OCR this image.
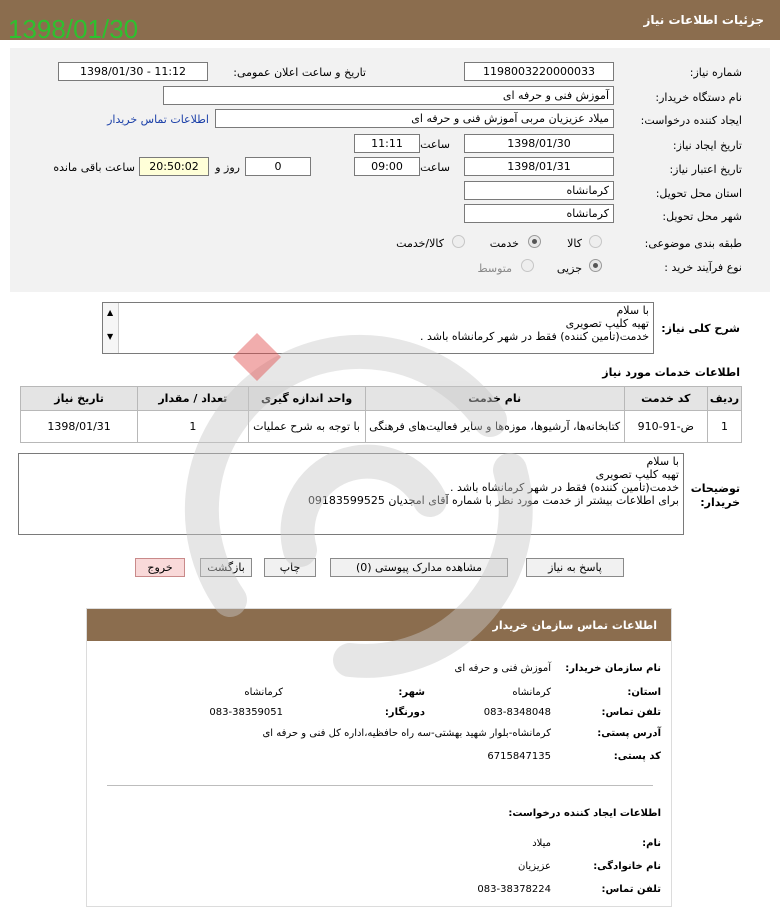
جزئیات اطلاعات نیاز
1398/01/30
شماره نیاز:
1198003220000033
تاریخ و ساعت اعلان عمومی:
1398/01/30 - 11:12
نام دستگاه خریدار:
آموزش فنی و حرفه ای
ایجاد کننده درخواست:
میلاد عزیزیان مربی آموزش فنی و حرفه ای
اطلاعات تماس خریدار
تاریخ ایجاد نیاز:
1398/01/30
ساعت
11:11
تاریخ اعتبار نیاز:
1398/01/31
ساعت
09:00
0
روز و
20:50:02
ساعت باقی مانده
استان محل تحویل:
کرمانشاه
شهر محل تحویل:
کرمانشاه
طبقه بندی موضوعی:
کالا
خدمت
کالا/خدمت
نوع فرآیند خرید :
جزیی
متوسط
شرح کلی نیاز:
با سلام
تهیه کلیپ تصویری
خدمت(تامین کننده) فقط در شهر کرمانشاه باشد .
▲
▼
اطلاعات خدمات مورد نیاز
ردیف	کد خدمت	نام خدمت	واحد اندازه گیری	تعداد / مقدار	تاریخ نیاز
1	ض-91-910	کتابخانه‌ها، آرشیوها، موزه‌ها و سایر فعالیت‌های فرهنگی	با توجه به شرح عملیات	1	1398/01/31
توضیحات خریدار:
با سلام
تهیه کلیپ تصویری
خدمت(تامین کننده) فقط در شهر کرمانشاه باشد .
برای اطلاعات بیشتر از خدمت مورد نظر با شماره آقای امجدیان 09183599525
پاسخ به نیاز
مشاهده مدارک پیوستی (0)
چاپ
بازگشت
خروج
اطلاعات تماس سازمان خریدار
نام سازمان خریدار:
آموزش فنی و حرفه ای
استان:
کرمانشاه
شهر:
کرمانشاه
تلفن تماس:
083-8348048
دورنگار:
083-38359051
آدرس پستی:
کرمانشاه-بلوار شهید بهشتی-سه راه حافظیه،اداره کل فنی و حرفه ای
کد پستی:
6715847135
اطلاعات ایجاد کننده درخواست:
نام:
میلاد
نام خانوادگی:
عزیزیان
تلفن تماس:
083-38378224
